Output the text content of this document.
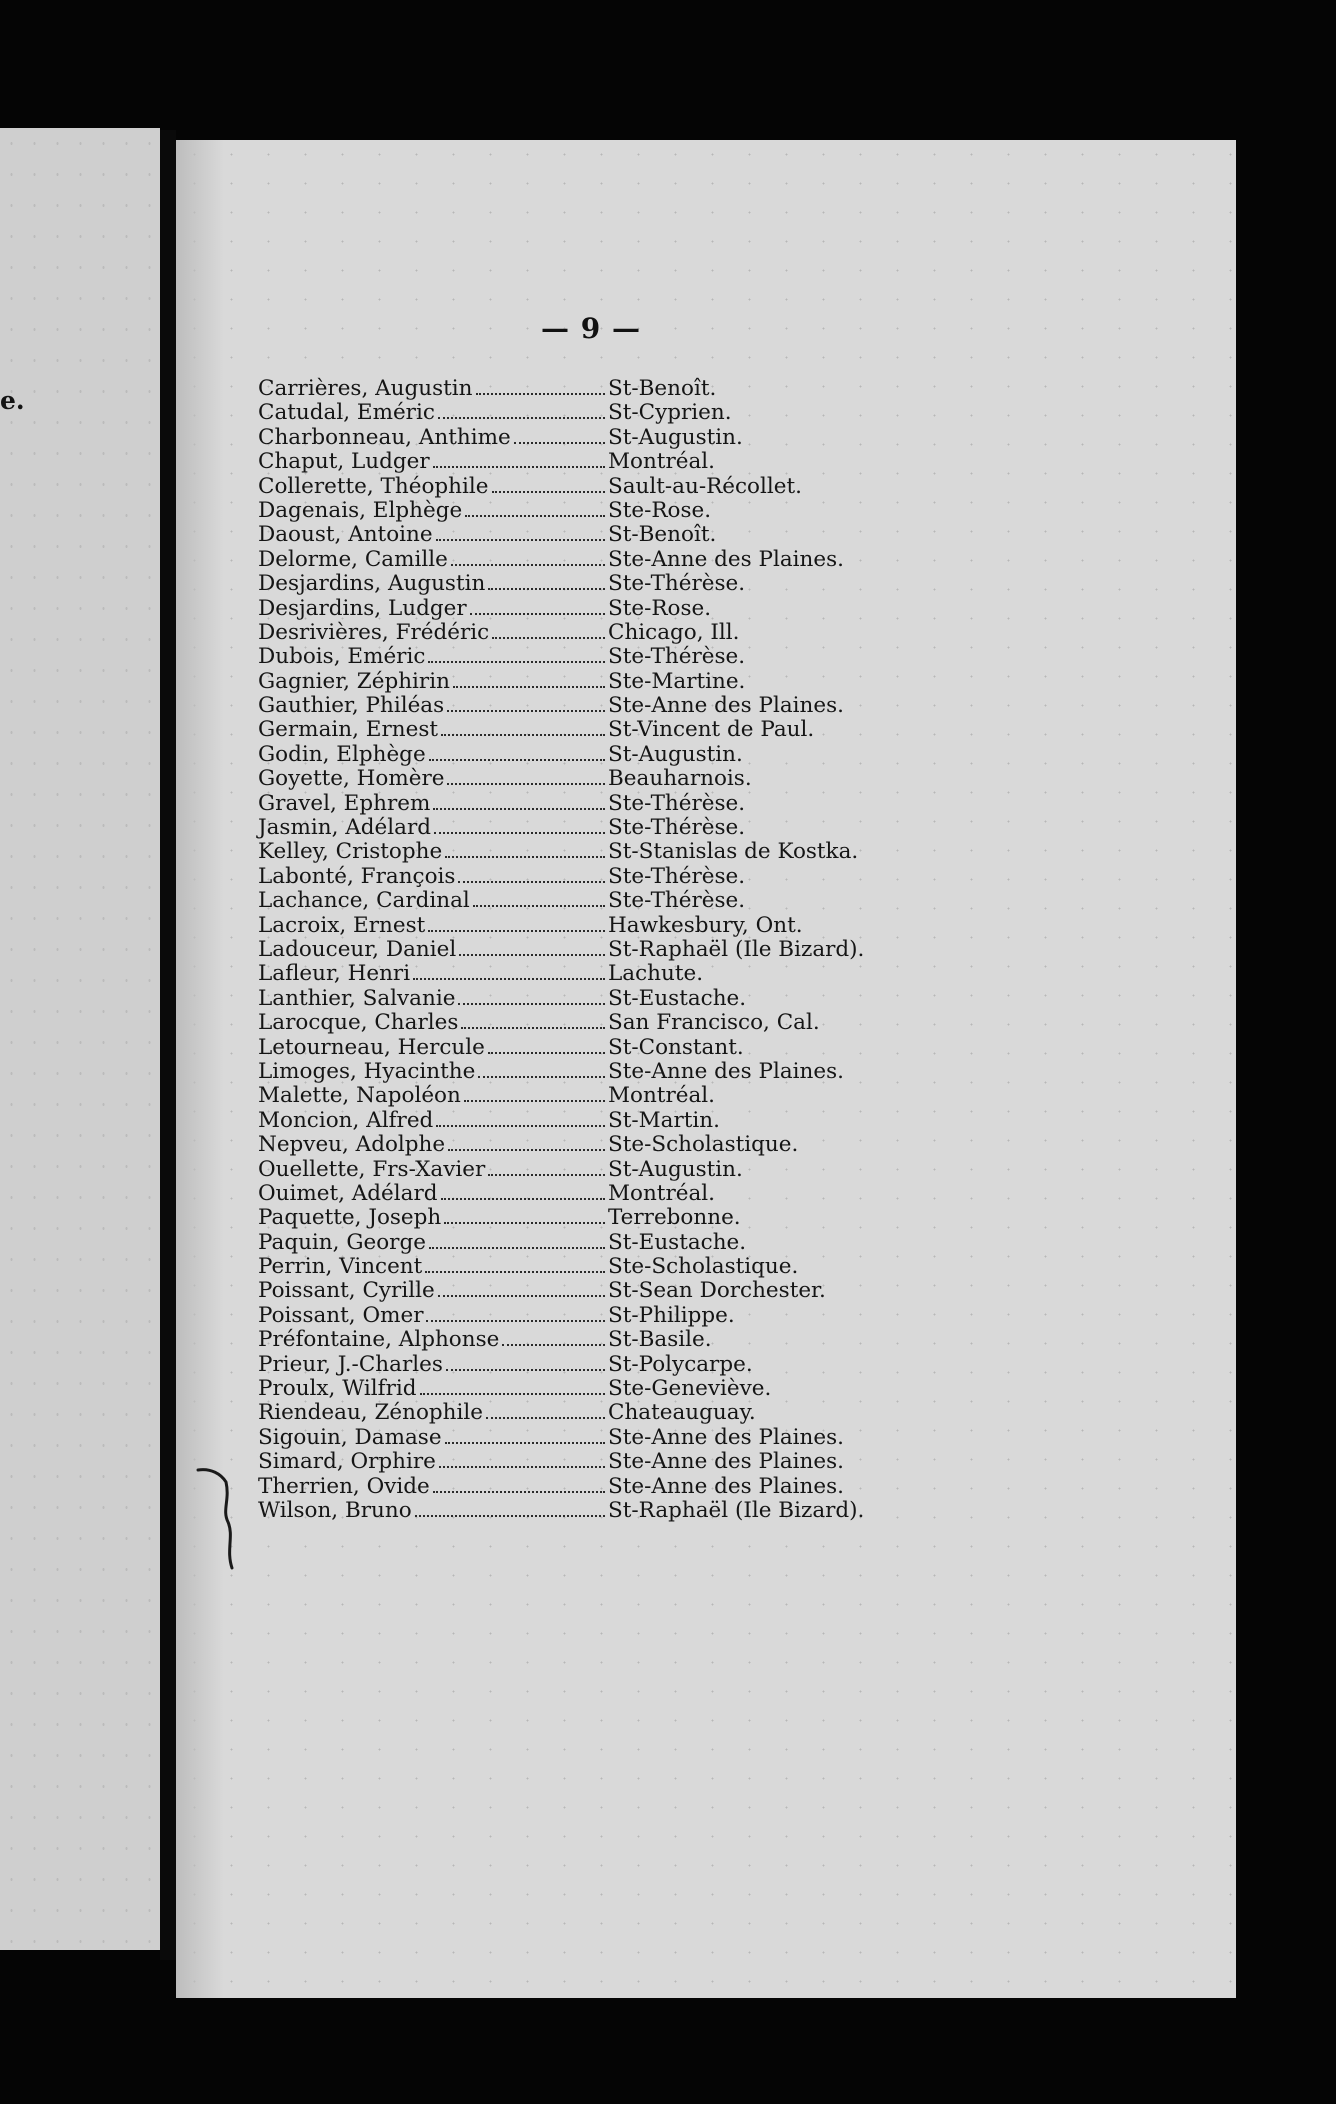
e.
— 9 —
Carrières, Augustin	St-Benoît.
Catudal, Eméric	St-Cyprien.
Charbonneau, Anthime	St-Augustin.
Chaput, Ludger	Montréal.
Collerette, Théophile	Sault-au-Récollet.
Dagenais, Elphège	Ste-Rose.
Daoust, Antoine	St-Benoît.
Delorme, Camille	Ste-Anne des Plaines.
Desjardins, Augustin	Ste-Thérèse.
Desjardins, Ludger	Ste-Rose.
Desrivières, Frédéric	Chicago, Ill.
Dubois, Eméric	Ste-Thérèse.
Gagnier, Zéphirin	Ste-Martine.
Gauthier, Philéas	Ste-Anne des Plaines.
Germain, Ernest	St-Vincent de Paul.
Godin, Elphège	St-Augustin.
Goyette, Homère	Beauharnois.
Gravel, Ephrem	Ste-Thérèse.
Jasmin, Adélard	Ste-Thérèse.
Kelley, Cristophe	St-Stanislas de Kostka.
Labonté, François	Ste-Thérèse.
Lachance, Cardinal	Ste-Thérèse.
Lacroix, Ernest	Hawkesbury, Ont.
Ladouceur, Daniel	St-Raphaël (Ile Bizard).
Lafleur, Henri	Lachute.
Lanthier, Salvanie	St-Eustache.
Larocque, Charles	San Francisco, Cal.
Letourneau, Hercule	St-Constant.
Limoges, Hyacinthe	Ste-Anne des Plaines.
Malette, Napoléon	Montréal.
Moncion, Alfred	St-Martin.
Nepveu, Adolphe	Ste-Scholastique.
Ouellette, Frs-Xavier	St-Augustin.
Ouimet, Adélard	Montréal.
Paquette, Joseph	Terrebonne.
Paquin, George	St-Eustache.
Perrin, Vincent	Ste-Scholastique.
Poissant, Cyrille	St-Sean Dorchester.
Poissant, Omer	St-Philippe.
Préfontaine, Alphonse	St-Basile.
Prieur, J.-Charles	St-Polycarpe.
Proulx, Wilfrid	Ste-Geneviève.
Riendeau, Zénophile	Chateauguay.
Sigouin, Damase	Ste-Anne des Plaines.
Simard, Orphire	Ste-Anne des Plaines.
Therrien, Ovide	Ste-Anne des Plaines.
Wilson, Bruno	St-Raphaël (Ile Bizard).
